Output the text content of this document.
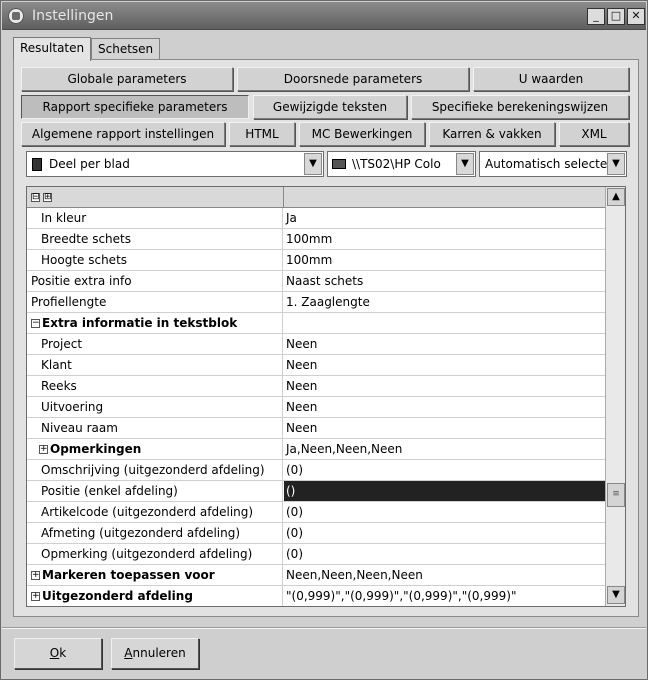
Instellingen	_	□ ✕
Resultaten	Schetsen
Globale parameters	Doorsnede parameters	U waarden
Rapport specifieke parameters	Gewijzigde teksten	Specifieke berekeningswijzen
Algemene rapport instellingen	HTML	MC Bewerkingen	Karren & vakken	XML
Deel per blad	▼	\\TS02\HP Colo	▼	Automatisch selecte ▼
⊟ ⊞
In kleur	Ja
Breedte schets	100mm
Hoogte schets	100mm
Positie extra info	Naast schets
Profiellengte	1. Zaaglengte
− Extra informatie in tekstblok
Project	Neen
Klant	Neen
Reeks	Neen
Uitvoering	Neen
Niveau raam	Neen
+ Opmerkingen	Ja,Neen,Neen,Neen
Omschrijving (uitgezonderd afdeling)	(0)
Positie (enkel afdeling)	()
Artikelcode (uitgezonderd afdeling)	(0)
Afmeting (uitgezonderd afdeling)	(0)
Opmerking (uitgezonderd afdeling)	(0)
+ Markeren toepassen voor	Neen,Neen,Neen,Neen
+ Uitgezonderd afdeling	"(0,999)","(0,999)","(0,999)","(0,999)"
▲
≡
▼
Ok	Annuleren
